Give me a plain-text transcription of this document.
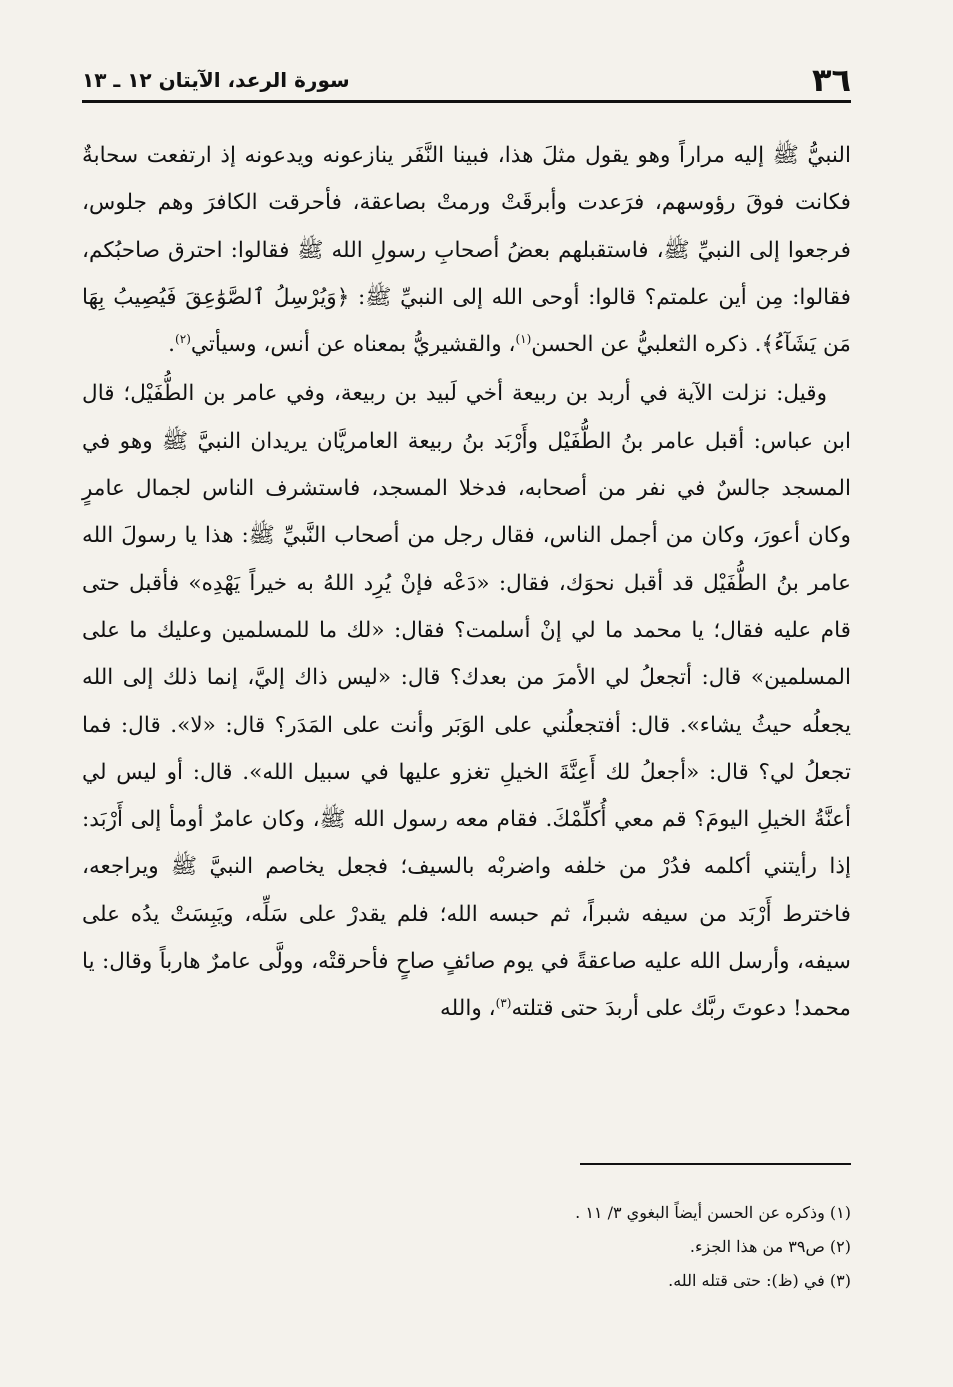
٣٦
سورة الرعد، الآيتان ١٢ ـ ١٣

النبيُّ ﷺ إليه مراراً وهو يقول مثلَ هذا، فبينا النَّفَر ينازعونه ويدعونه إذ ارتفعت سحابةٌ فكانت فوقَ رؤوسهم، فرَعدت وأبرقَتْ ورمتْ بصاعقة، فأحرقت الكافرَ وهم جلوس، فرجعوا إلى النبيِّ ﷺ، فاستقبلهم بعضُ أصحابِ رسولِ الله ﷺ فقالوا: احترق صاحبُكم، فقالوا: مِن أين علمتم؟ قالوا: أوحى الله إلى النبيِّ ﷺ: ﴿وَيُرْسِلُ ٱلصَّوَٰعِقَ فَيُصِيبُ بِهَا مَن يَشَآءُ﴾. ذكره الثعلبيُّ عن الحسن$^{(١)}$، والقشيريُّ بمعناه عن أنس، وسيأتي$^{(٢)}$.

وقيل: نزلت الآية في أربد بن ربيعة أخي لَبيد بن ربيعة، وفي عامر بن الطُّفَيْل؛ قال ابن عباس: أقبل عامر بنُ الطُّفَيْل وأَرْبَد بنُ ربيعة العامريَّان يريدان النبيَّ ﷺ وهو في المسجد جالسٌ في نفر من أصحابه، فدخلا المسجد، فاستشرف الناس لجمال عامرٍ وكان أعورَ، وكان من أجمل الناس، فقال رجل من أصحاب النَّبيِّ ﷺ: هذا يا رسولَ الله عامر بنُ الطُّفَيْل قد أقبل نحوَك، فقال: «دَعْه فإنْ يُرِد اللهُ به خيراً يَهْدِه» فأقبل حتى قام عليه فقال؛ يا محمد ما لي إنْ أسلمت؟ فقال: «لك ما للمسلمين وعليك ما على المسلمين» قال: أتجعلُ لي الأمرَ من بعدك؟ قال: «ليس ذاك إليَّ، إنما ذلك إلى الله يجعلُه حيثُ يشاء». قال: أفتجعلُني على الوَبَر وأنت على المَدَر؟ قال: «لا». قال: فما تجعلُ لي؟ قال: «أجعلُ لك أَعِنَّةَ الخيلِ تغزو عليها في سبيل الله». قال: أو ليس لي أعنَّةُ الخيلِ اليومَ؟ قم معي أُكلِّمْكَ. فقام معه رسول الله ﷺ، وكان عامرٌ أومأ إلى أَرْبَد: إذا رأيتني أكلمه فدُرْ من خلفه واضربْه بالسيف؛ فجعل يخاصم النبيَّ ﷺ ويراجعه، فاخترط أَرْبَد من سيفه شبراً، ثم حبسه الله؛ فلم يقدرْ على سَلِّه، ويَبِسَتْ يدُه على سيفه، وأرسل الله عليه صاعقةً في يوم صائفٍ صاحٍ فأحرقتْه، وولَّى عامرٌ هارباً وقال: يا محمد! دعوتَ ربَّك على أربدَ حتى قتلته$^{(٣)}$، والله

(١) وذكره عن الحسن أيضاً البغوي ٣/ ١١ .
(٢) ص٣٩ من هذا الجزء.
(٣) في (ظ): حتى قتله الله.
